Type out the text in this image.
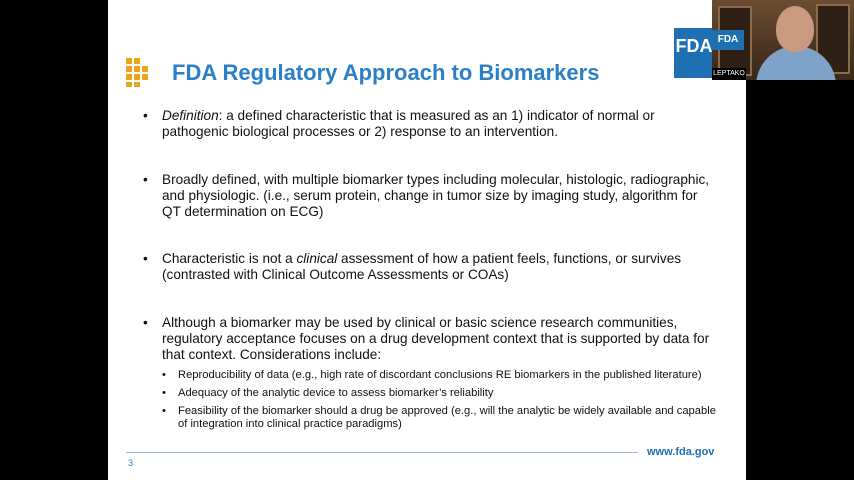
FDA Regulatory Approach to Biomarkers
FDA
• Definition: a defined characteristic that is measured as an 1) indicator of normal or pathogenic biological processes or 2) response to an intervention.
• Broadly defined, with multiple biomarker types including molecular, histologic, radiographic, and physiologic. (i.e., serum protein, change in tumor size by imaging study, algorithm for QT determination on ECG)
• Characteristic is not a clinical assessment of how a patient feels, functions, or survives (contrasted with Clinical Outcome Assessments or COAs)
• Although a biomarker may be used by clinical or basic science research communities, regulatory acceptance focuses on a drug development context that is supported by data for that context. Considerations include:
• Reproducibility of data (e.g., high rate of discordant conclusions RE biomarkers in the published literature)
• Adequacy of the analytic device to assess biomarker’s reliability
• Feasibility of the biomarker should a drug be approved (e.g., will the analytic be widely available and capable of integration into clinical practice paradigms)
3
www.fda.gov
FDA
LEPTAKO
